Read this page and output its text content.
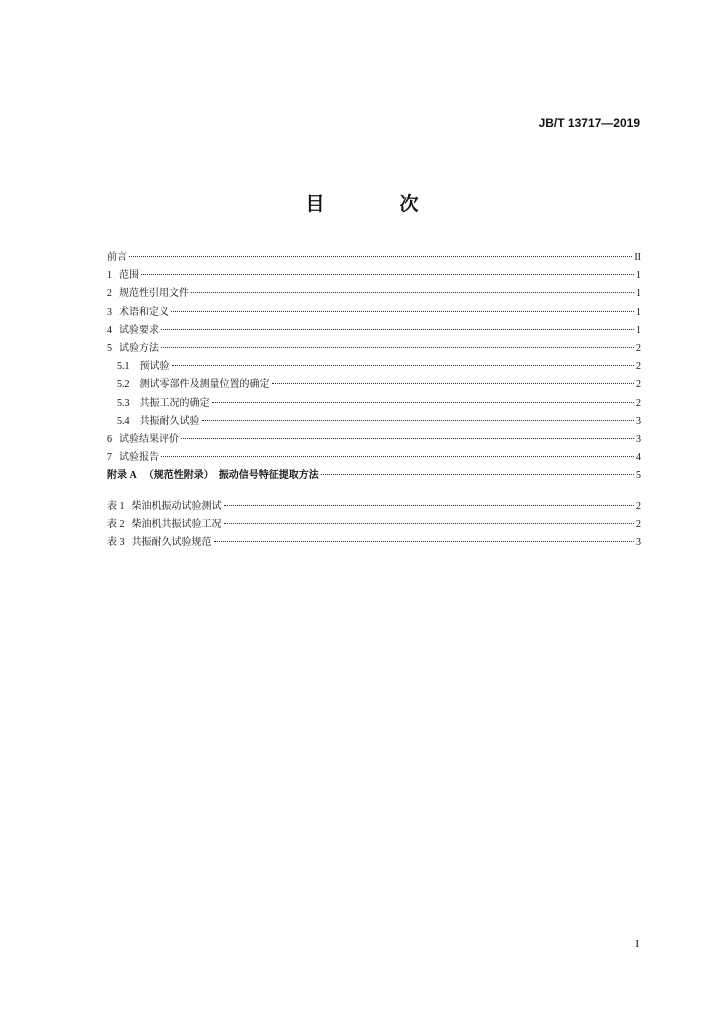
JB/T 13717—2019
目　次
前言	II
1 范围	1
2 规范性引用文件	1
3 术语和定义	1
4 试验要求	1
5 试验方法	2
5.1 预试验	2
5.2 测试零部件及测量位置的确定	2
5.3 共振工况的确定	2
5.4 共振耐久试验	3
6 试验结果评价	3
7 试验报告	4
附录 A （规范性附录）　振动信号特征提取方法	5
表 1 柴油机振动试验测试	2
表 2 柴油机共振试验工况	2
表 3 共振耐久试验规范	3
I
